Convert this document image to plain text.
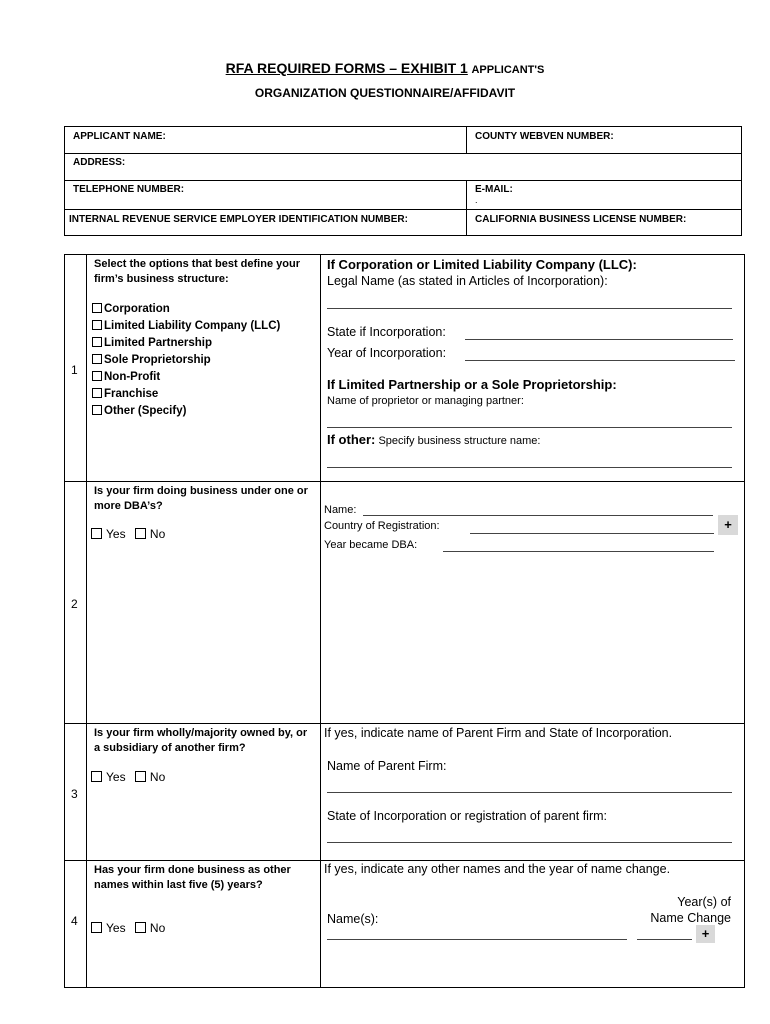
RFA REQUIRED FORMS – EXHIBIT 1 APPLICANT'S
ORGANIZATION QUESTIONNAIRE/AFFIDAVIT
APPLICANT NAME:	COUNTY WEBVEN NUMBER:
ADDRESS:
TELEPHONE NUMBER:	E-MAIL:
.
INTERNAL REVENUE SERVICE EMPLOYER IDENTIFICATION NUMBER:	CALIFORNIA BUSINESS LICENSE NUMBER:
1
Select the options that best define your firm’s business structure:
Corporation
Limited Liability Company (LLC)
Limited Partnership
Sole Proprietorship
Non-Profit
Franchise
Other (Specify)
If Corporation or Limited Liability Company (LLC):
Legal Name (as stated in Articles of Incorporation):
State if Incorporation:
Year of Incorporation:
If Limited Partnership or a Sole Proprietorship:
Name of proprietor or managing partner:
If other: Specify business structure name:
2
Is your firm doing business under one or more DBA’s?
Yes No
Name:
Country of Registration:
Year became DBA:
+
3
Is your firm wholly/majority owned by, or a subsidiary of another firm?
Yes No
If yes, indicate name of Parent Firm and State of Incorporation.
Name of Parent Firm:
State of Incorporation or registration of parent firm:
4
Has your firm done business as other names within last five (5) years?
Yes No
If yes, indicate any other names and the year of name change.
Name(s):
Year(s) of
Name Change
+
